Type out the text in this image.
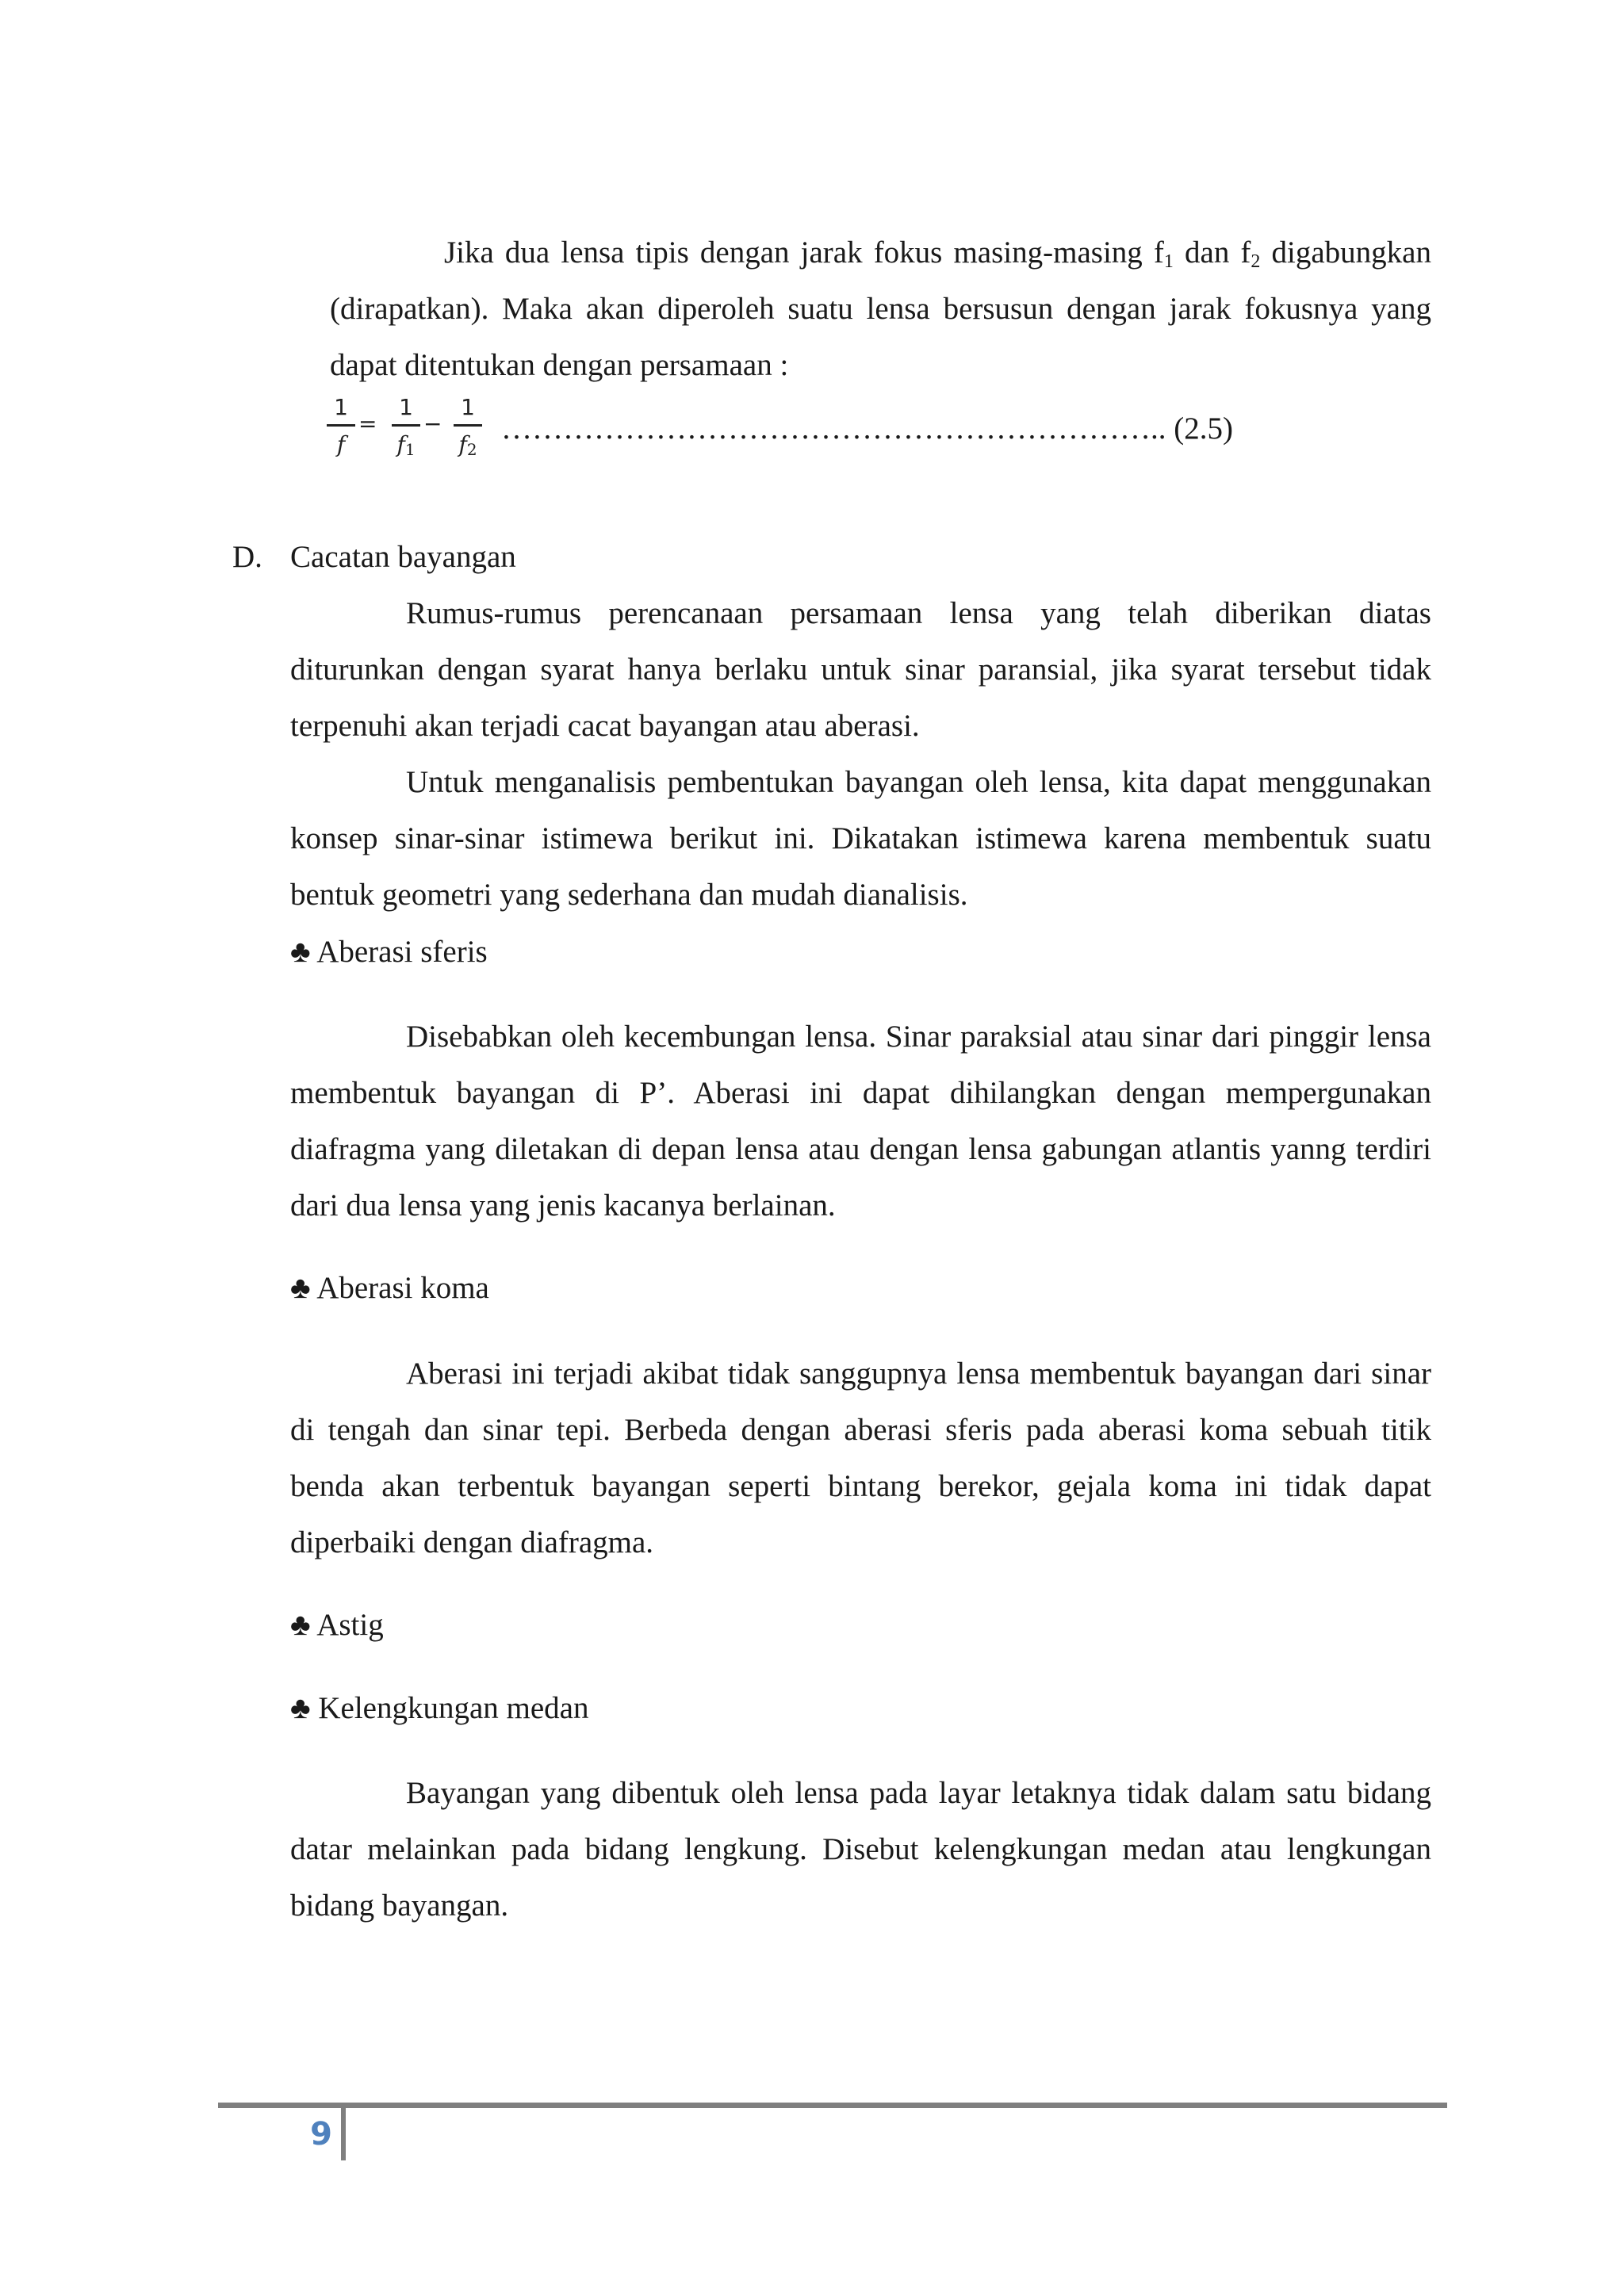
Jika dua lensa tipis dengan jarak fokus masing-masing $f_1$ dan $f_2$ digabungkan (dirapatkan). Maka akan diperoleh suatu lensa bersusun dengan jarak fokusnya yang dapat ditentukan dengan persamaan :
1
f
=
1
$f_1$
−
1
$f_2$
……………………………………………………….. (2.5)
D. Cacatan bayangan
Rumus-rumus perencanaan persamaan lensa yang telah diberikan diatas diturunkan dengan syarat hanya berlaku untuk sinar paransial, jika syarat tersebut tidak terpenuhi akan terjadi cacat bayangan atau aberasi.
Untuk menganalisis pembentukan bayangan oleh lensa, kita dapat menggunakan konsep sinar-sinar istimewa berikut ini. Dikatakan istimewa karena membentuk suatu bentuk geometri yang sederhana dan mudah dianalisis.
♣ Aberasi sferis
Disebabkan oleh kecembungan lensa. Sinar paraksial atau sinar dari pinggir lensa membentuk bayangan di P’. Aberasi ini dapat dihilangkan dengan mempergunakan diafragma yang diletakan di depan lensa atau dengan lensa gabungan atlantis yanng terdiri dari dua lensa yang jenis kacanya berlainan.
♣ Aberasi koma
Aberasi ini terjadi akibat tidak sanggupnya lensa membentuk bayangan dari sinar di tengah dan sinar tepi. Berbeda dengan aberasi sferis pada aberasi koma sebuah titik benda akan terbentuk bayangan seperti bintang berekor, gejala koma ini tidak dapat diperbaiki dengan diafragma.
♣ Astig
♣ Kelengkungan medan
Bayangan yang dibentuk oleh lensa pada layar letaknya tidak dalam satu bidang datar melainkan pada bidang lengkung. Disebut kelengkungan medan atau lengkungan bidang bayangan.
9
